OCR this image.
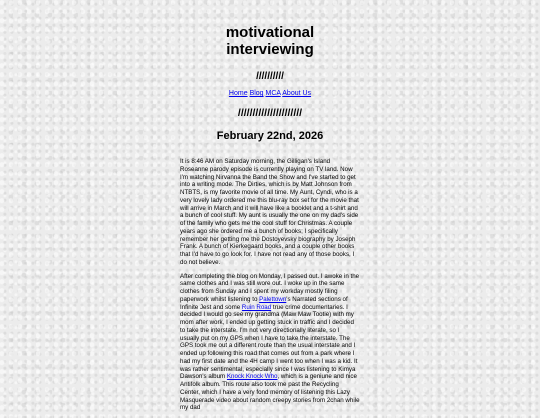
motivational
interviewing
//////////
Home Blog MCA About Us
//////////////////////
February 22nd, 2026

It is 8:46 AM on Saturday morning, the Gilligan's Island Roseanne parody episode is currently playing on TV land. Now I'm watching Nirvanna the Band the Show and I've started to get into a writing mode. The Dirties, which is by Matt Johnson from NTBTS, is my favorite movie of all time. My Aunt, Cyndi, who is a very lovely lady ordered me this blu-ray box set for the movie that will arrive in March and it will have like a booklet and a t-shirt and a bunch of cool stuff. My aunt is usually the one on my dad's side of the family who gets me the cool stuff for Christmas. A couple years ago she ordered me a bunch of books; I specifically remember her getting me the Dostoyevsky biography by Joseph Frank. A bunch of Kierkegaard books, and a couple other books that I'd have to go look for. I have not read any of those books, I do not believe.

After completing the blog on Monday, I passed out. I awoke in the same clothes and I was still wore out. I woke up in the same clothes from Sunday and I spent my workday mostly filing paperwork whilst listening to Palettown's Narrated sections of Infinite Jest and some Ruin Road true crime documentaries. I decided I would go see my grandma (Maw Maw Tootie) with my mom after work, I ended up getting stuck in traffic and I decided to take the interstate. I'm not very directionally literate, so I usually put on my GPS when I have to take the interstate. The GPS took me out a different route than the usual interstate and I ended up following this road that comes out from a park where I had my first date and the 4H camp I went too when I was a kid. It was rather sentimental, especially since I was listening to Kimya Dawson's album Knock Knock Who, which is a geniune and nice Antifolk album. This route also took me past the Recycling Center, which I have a very fond memory of listening this Lazy Masquerade video about random creepy stories from 2chan while my dad
